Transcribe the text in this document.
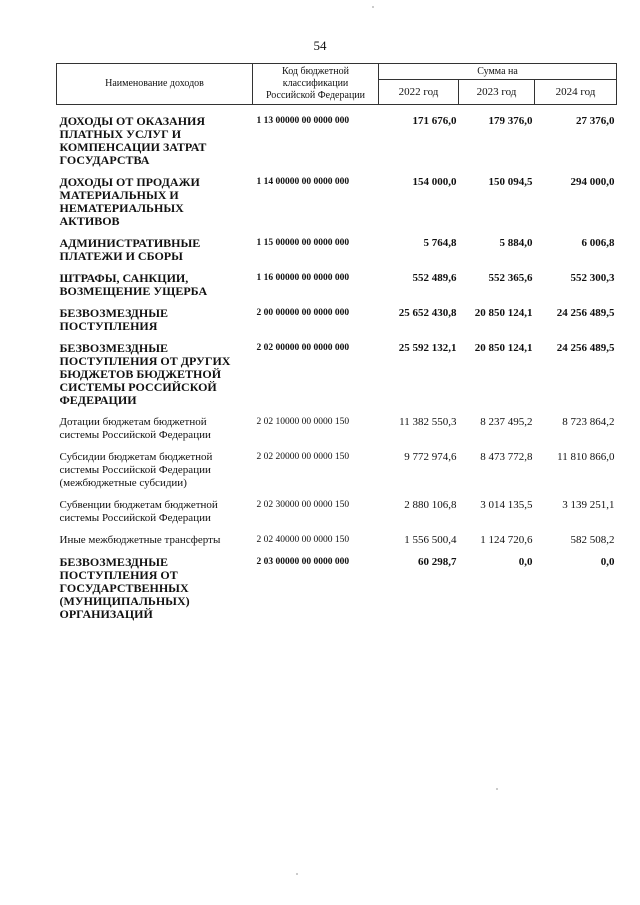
54
Наименование доходов	Код бюджетной классификации Российской Федерации	Сумма на		
		2022 год	2023 год	2024 год

ДОХОДЫ ОТ ОКАЗАНИЯ ПЛАТНЫХ УСЛУГ И КОМПЕНСАЦИИ ЗАТРАТ ГОСУДАРСТВА	1 13 00000 00 0000 000	171 676,0	179 376,0	27 376,0

ДОХОДЫ ОТ ПРОДАЖИ МАТЕРИАЛЬНЫХ И НЕМАТЕРИАЛЬНЫХ АКТИВОВ	1 14 00000 00 0000 000	154 000,0	150 094,5	294 000,0

АДМИНИСТРАТИВНЫЕ ПЛАТЕЖИ И СБОРЫ	1 15 00000 00 0000 000	5 764,8	5 884,0	6 006,8

ШТРАФЫ, САНКЦИИ, ВОЗМЕЩЕНИЕ УЩЕРБА	1 16 00000 00 0000 000	552 489,6	552 365,6	552 300,3

БЕЗВОЗМЕЗДНЫЕ ПОСТУПЛЕНИЯ	2 00 00000 00 0000 000	25 652 430,8	20 850 124,1	24 256 489,5

БЕЗВОЗМЕЗДНЫЕ ПОСТУПЛЕНИЯ ОТ ДРУГИХ БЮДЖЕТОВ БЮДЖЕТНОЙ СИСТЕМЫ РОССИЙСКОЙ ФЕДЕРАЦИИ	2 02 00000 00 0000 000	25 592 132,1	20 850 124,1	24 256 489,5

Дотации бюджетам бюджетной системы Российской Федерации	2 02 10000 00 0000 150	11 382 550,3	8 237 495,2	8 723 864,2

Субсидии бюджетам бюджетной системы Российской Федерации (межбюджетные субсидии)	2 02 20000 00 0000 150	9 772 974,6	8 473 772,8	11 810 866,0

Субвенции бюджетам бюджетной системы Российской Федерации	2 02 30000 00 0000 150	2 880 106,8	3 014 135,5	3 139 251,1

Иные межбюджетные трансферты	2 02 40000 00 0000 150	1 556 500,4	1 124 720,6	582 508,2

БЕЗВОЗМЕЗДНЫЕ ПОСТУПЛЕНИЯ ОТ ГОСУДАРСТВЕННЫХ (МУНИЦИПАЛЬНЫХ) ОРГАНИЗАЦИЙ	2 03 00000 00 0000 000	60 298,7	0,0	0,0
